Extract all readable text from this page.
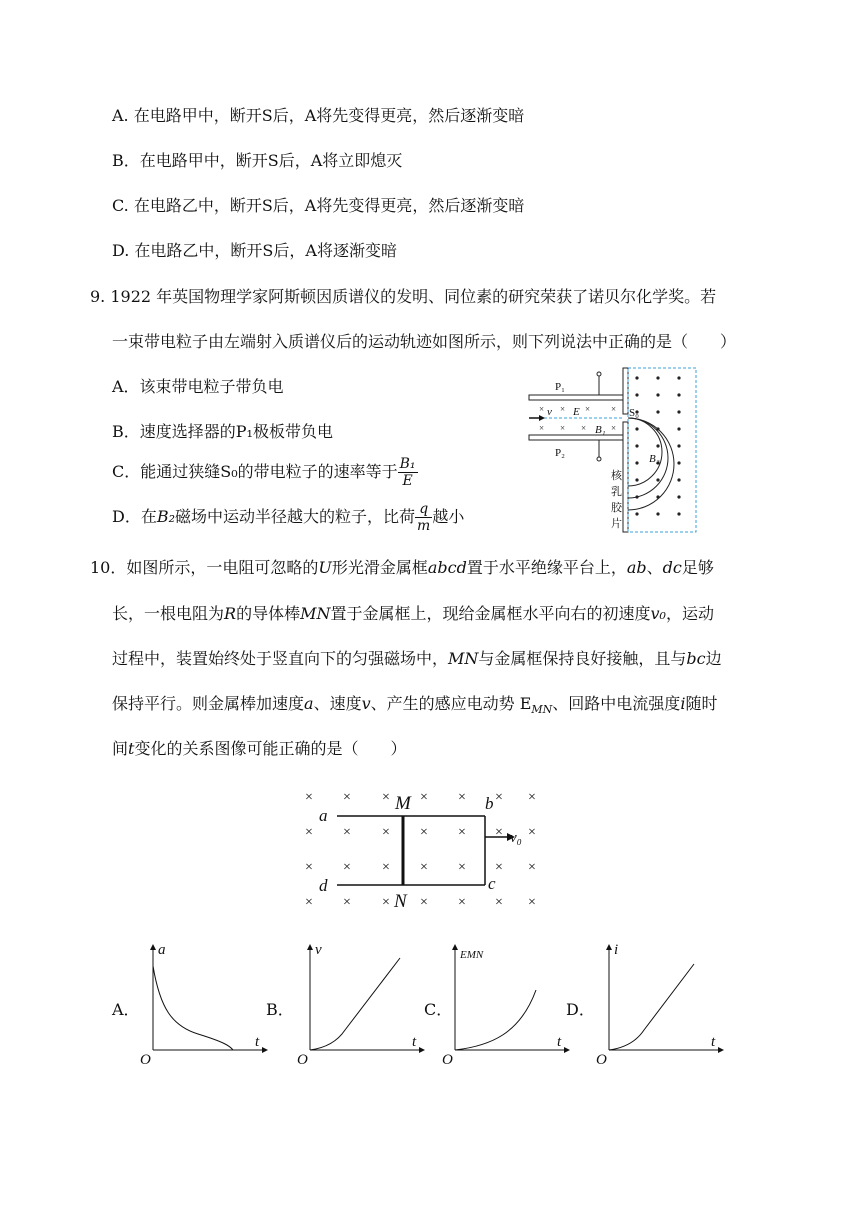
A. 在电路甲中，断开S后，A将先变得更亮，然后逐渐变暗
B．在电路甲中，断开S后，A将立即熄灭
C. 在电路乙中，断开S后，A将先变得更亮，然后逐渐变暗
D. 在电路乙中，断开S后，A将逐渐变暗
9. 1922 年英国物理学家阿斯顿因质谱仪的发明、同位素的研究荣获了诺贝尔化学奖。若
一束带电粒子由左端射入质谱仪后的运动轨迹如图所示，则下列说法中正确的是（　　）
A．该束带电粒子带负电
B．速度选择器的P₁极板带负电
C．能通过狭缝S₀的带电粒子的速率等于 $\frac{\text{B₁}}{E}$
D．在B₂磁场中运动半径越大的粒子，比荷 $\frac{q}{m}$ 越小
× × × ×
× × ×	×
P₁
P₂
v E
B₁
S₀
B₂
核
乳
胶
片
10．如图所示，一电阻可忽略的U形光滑金属框abcd置于水平绝缘平台上，ab、dc足够
长，一根电阻为R的导体棒MN置于金属框上，现给金属框水平向右的初速度v₀，运动
过程中，装置始终处于竖直向下的匀强磁场中，MN与金属框保持良好接触，且与bc边
保持平行。则金属棒加速度a、速度v、产生的感应电动势 $E_{MN}$、回路中电流强度i随时
间t变化的关系图像可能正确的是（　　）
× × × × × × ×
× × × × × × ×
× × × × × × ×
× × × × × × ×
a
b
c
d
M
N
v₀
A．
a
t
O
B．
v
t
O
C．
EMN
t
O
D．
i
t
O
